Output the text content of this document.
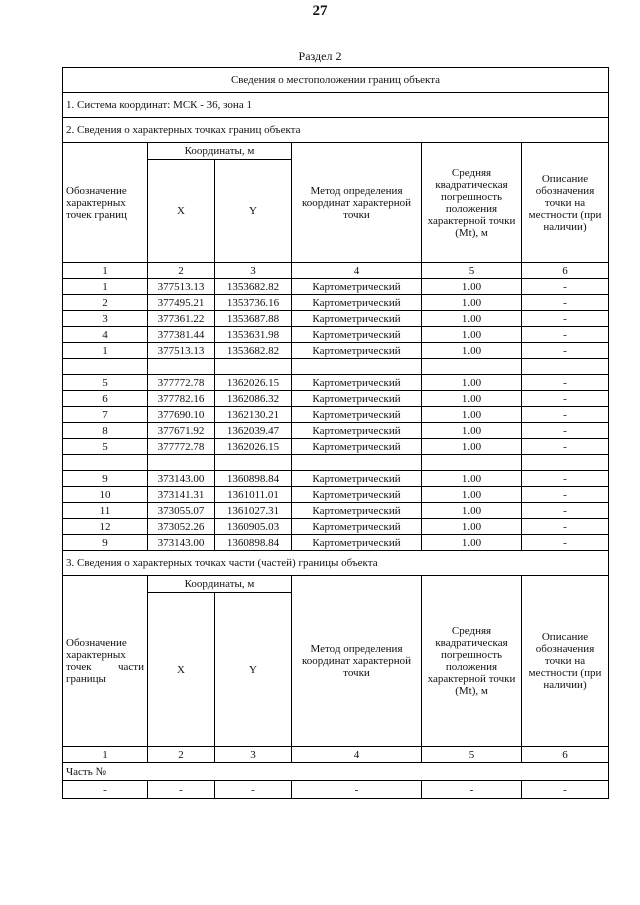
27
Раздел 2
Сведения о местоположении границ объекта					
1. Система координат: МСК - 36, зона 1					
2. Сведения о характерных точках границ объекта					
Обозначение характерных точек границ	Координаты, м		Метод определения координат характерной точки	Средняя квадратическая погрешность положения характерной точки (Mt), м	Описание обозначения точки на местности (при наличии)
	X	Y			
1	2	3	4	5	6
1	377513.13	1353682.82	Картометрический	1.00	-
2	377495.21	1353736.16	Картометрический	1.00	-
3	377361.22	1353687.88	Картометрический	1.00	-
4	377381.44	1353631.98	Картометрический	1.00	-
1	377513.13	1353682.82	Картометрический	1.00	-

5	377772.78	1362026.15	Картометрический	1.00	-
6	377782.16	1362086.32	Картометрический	1.00	-
7	377690.10	1362130.21	Картометрический	1.00	-
8	377671.92	1362039.47	Картометрический	1.00	-
5	377772.78	1362026.15	Картометрический	1.00	-

9	373143.00	1360898.84	Картометрический	1.00	-
10	373141.31	1361011.01	Картометрический	1.00	-
11	373055.07	1361027.31	Картометрический	1.00	-
12	373052.26	1360905.03	Картометрический	1.00	-
9	373143.00	1360898.84	Картометрический	1.00	-
3. Сведения о характерных точках части (частей) границы объекта					

Обозначение
характерных
точек части
границы	Координаты, м		Метод определения координат характерной точки	Средняя квадратическая погрешность положения характерной точки (Mt), м	Описание обозначения точки на местности (при наличии)
	X	Y			
1	2	3	4	5	6
Часть №					
-	-	-	-	-	-
